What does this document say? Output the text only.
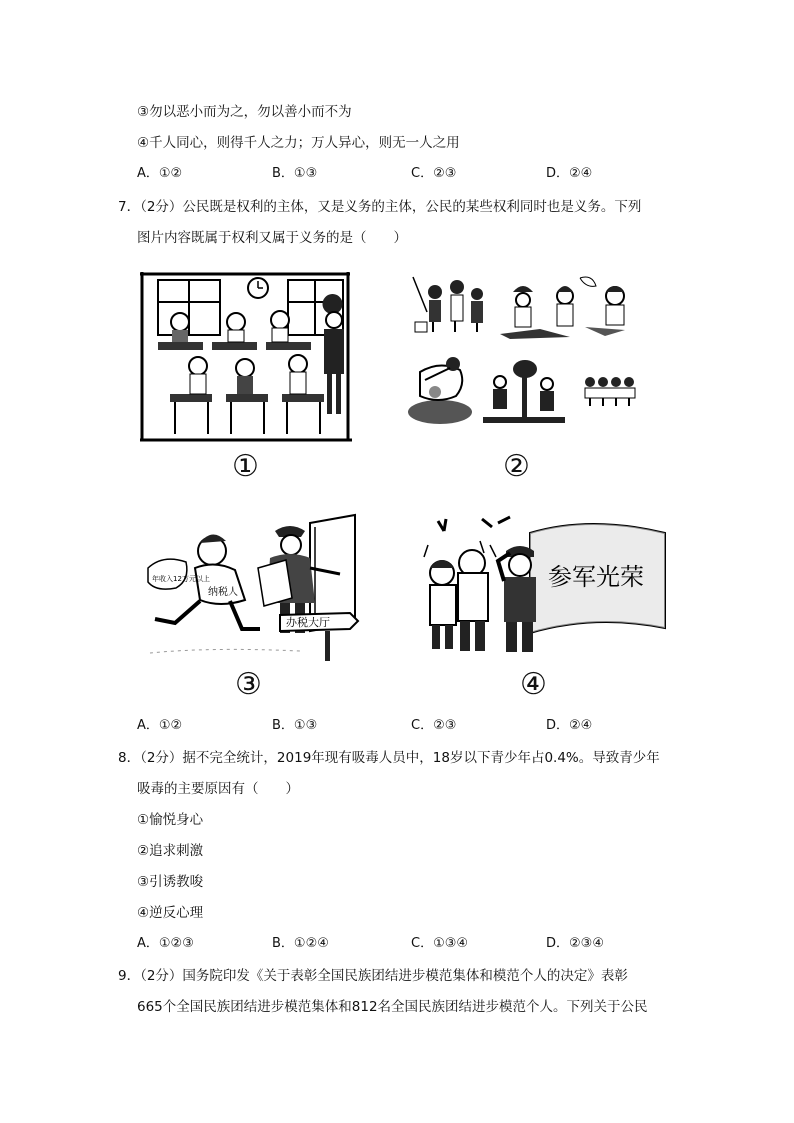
③勿以恶小而为之，勿以善小而不为
④千人同心，则得千人之力；万人异心，则无一人之用
A．①②	B．①③	C．②③	D．②④
7．（2分）公民既是权利的主体，又是义务的主体，公民的某些权利同时也是义务。下列
图片内容既属于权利又属于义务的是（　　）
①	②
年收入12万元以上
纳税人
办税大厅
③
参军光荣
④
A．①②	B．①③	C．②③	D．②④
8．（2分）据不完全统计，2019年现有吸毒人员中，18岁以下青少年占0.4%。导致青少年
吸毒的主要原因有（　　）
①愉悦身心
②追求刺激
③引诱教唆
④逆反心理
A．①②③	B．①②④	C．①③④	D．②③④
9．（2分）国务院印发《关于表彰全国民族团结进步模范集体和模范个人的决定》表彰
665个全国民族团结进步模范集体和812名全国民族团结进步模范个人。下列关于公民
